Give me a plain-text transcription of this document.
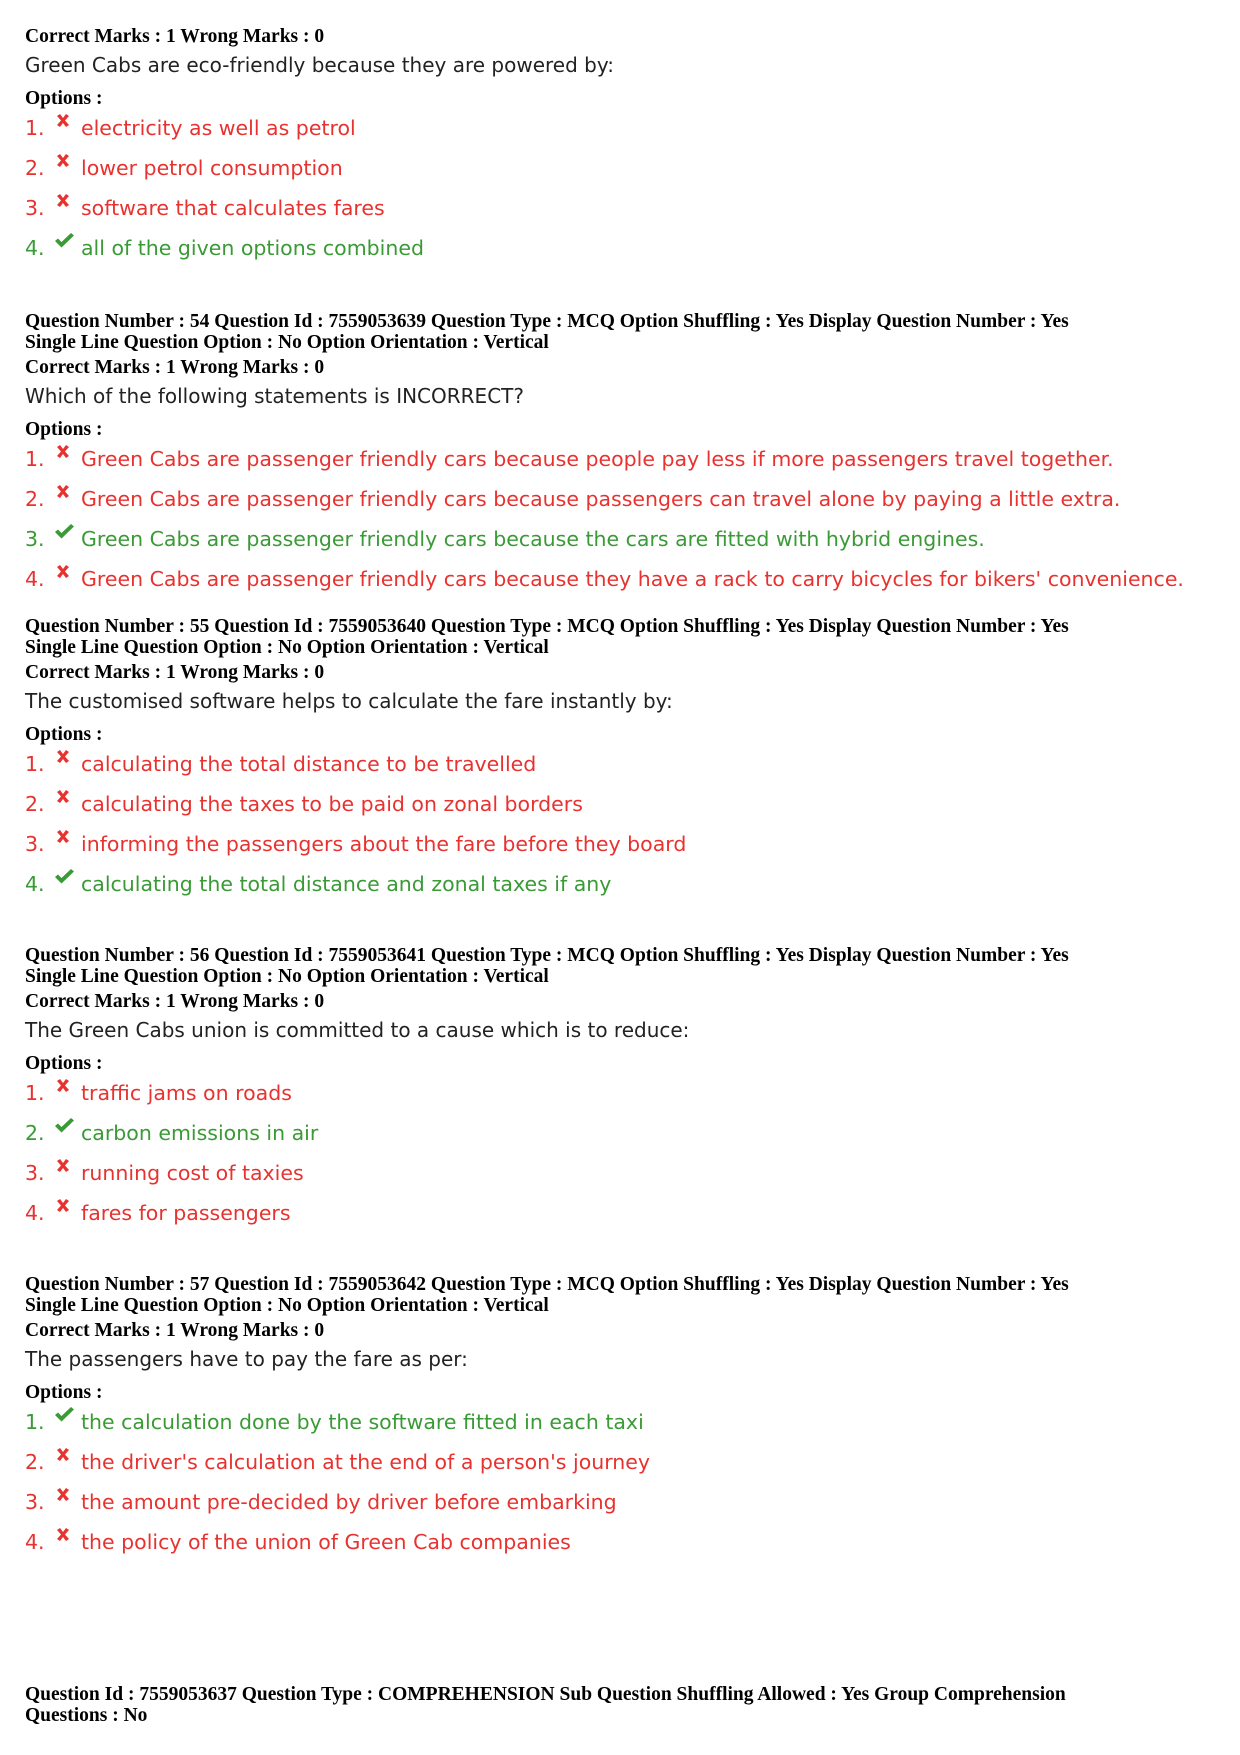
Correct Marks : 1 Wrong Marks : 0
Green Cabs are eco-friendly because they are powered by:
Options :
1.	electricity as well as petrol
2.	lower petrol consumption
3.	software that calculates fares
4.	all of the given options combined
Question Number : 54 Question Id : 7559053639 Question Type : MCQ Option Shuffling : Yes Display Question Number : Yes
Single Line Question Option : No Option Orientation : Vertical
Correct Marks : 1 Wrong Marks : 0
Which of the following statements is INCORRECT?
Options :
1. Green Cabs are passenger friendly cars because people pay less if more passengers travel together.
2. Green Cabs are passenger friendly cars because passengers can travel alone by paying a little extra.
3.	Green Cabs are passenger friendly cars because the cars are fitted with hybrid engines.
4. Green Cabs are passenger friendly cars because they have a rack to carry bicycles for bikers' convenience.
Question Number : 55 Question Id : 7559053640 Question Type : MCQ Option Shuffling : Yes Display Question Number : Yes
Single Line Question Option : No Option Orientation : Vertical
Correct Marks : 1 Wrong Marks : 0
The customised software helps to calculate the fare instantly by:
Options :
1.	calculating the total distance to be travelled
2.	calculating the taxes to be paid on zonal borders
3.	informing the passengers about the fare before they board
4.	calculating the total distance and zonal taxes if any
Question Number : 56 Question Id : 7559053641 Question Type : MCQ Option Shuffling : Yes Display Question Number : Yes
Single Line Question Option : No Option Orientation : Vertical
Correct Marks : 1 Wrong Marks : 0
The Green Cabs union is committed to a cause which is to reduce:
Options :
1.	traffic jams on roads
2.	carbon emissions in air
3.	running cost of taxies
4.	fares for passengers
Question Number : 57 Question Id : 7559053642 Question Type : MCQ Option Shuffling : Yes Display Question Number : Yes
Single Line Question Option : No Option Orientation : Vertical
Correct Marks : 1 Wrong Marks : 0
The passengers have to pay the fare as per:
Options :
1.	the calculation done by the software fitted in each taxi
2.	the driver's calculation at the end of a person's journey
3.	the amount pre-decided by driver before embarking
4.	the policy of the union of Green Cab companies
Question Id : 7559053637 Question Type : COMPREHENSION Sub Question Shuffling Allowed : Yes Group Comprehension
Questions : No
